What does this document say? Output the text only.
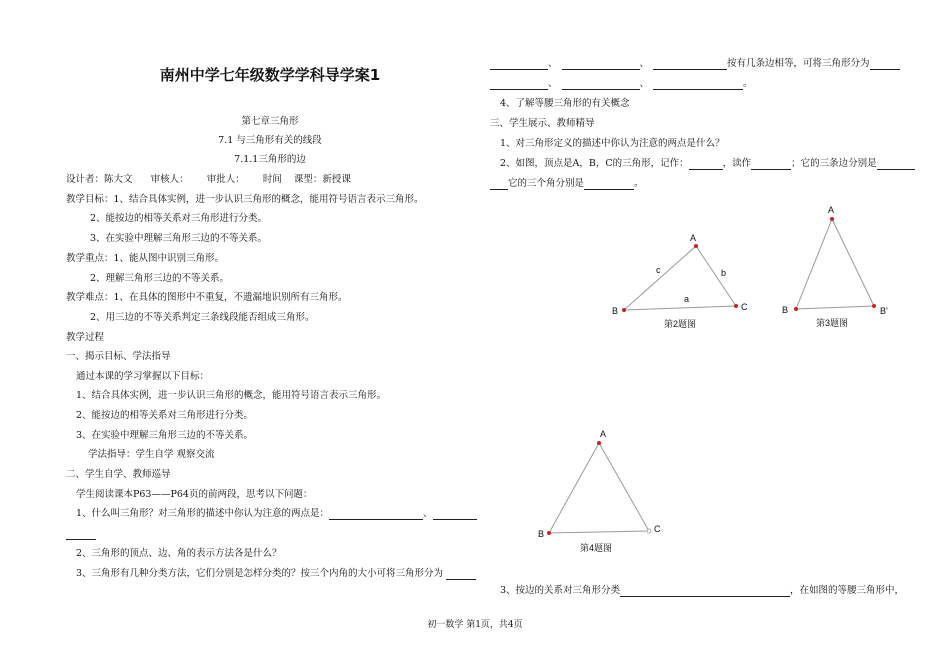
南州中学七年级数学学科导学案1
第七章三角形
7.1 与三角形有关的线段
7.1.1三角形的边
设计者：陈大文      审核人：      审批人：      时间    课型：新授课
教学目标：1、结合具体实例，进一步认识三角形的概念，能用符号语言表示三角形。
2、能按边的相等关系对三角形进行分类。
3、在实验中理解三角形三边的不等关系。
教学重点：1、能从图中识别三角形。
2、理解三角形三边的不等关系。
教学难点：1、在具体的图形中不重复，不遗漏地识别所有三角形。
2、用三边的不等关系判定三条线段能否组成三角形。
教学过程
一、揭示目标、学法指导
通过本课的学习掌握以下目标：
1、结合具体实例，进一步认识三角形的概念，能用符号语言表示三角形。
2、能按边的相等关系对三角形进行分类。
3、在实验中理解三角形三边的不等关系。
学法指导：学生自学 观察交流
二、学生自学、教师巡导
学生阅读课本P63——P64页的前两段，思考以下问题：
1、什么叫三角形？对三角形的描述中你认为注意的两点是：	、
2、三角形的顶点、边、角的表示方法各是什么？
3、三角形有几种分类方法，它们分别是怎样分类的？按三个内角的大小可将三角形分为
、	、	按有几条边相等，可将三角形分为
、	、	。
4、了解等腰三角形的有关概念
三、学生展示、教师精导
1、对三角形定义的描述中你认为注意的两点是什么？
2、如图，顶点是A，B，C的三角形，记作：	，读作	；它的三条边分别是
它的三个角分别是	。
A
B	C
c	b
a
第2题图
A
B	B'
第3题图
A
B	C
第4题图
3、按边的关系对三角形分类	，在如图的等腰三角形中，
初一数学 第1页，共4页
